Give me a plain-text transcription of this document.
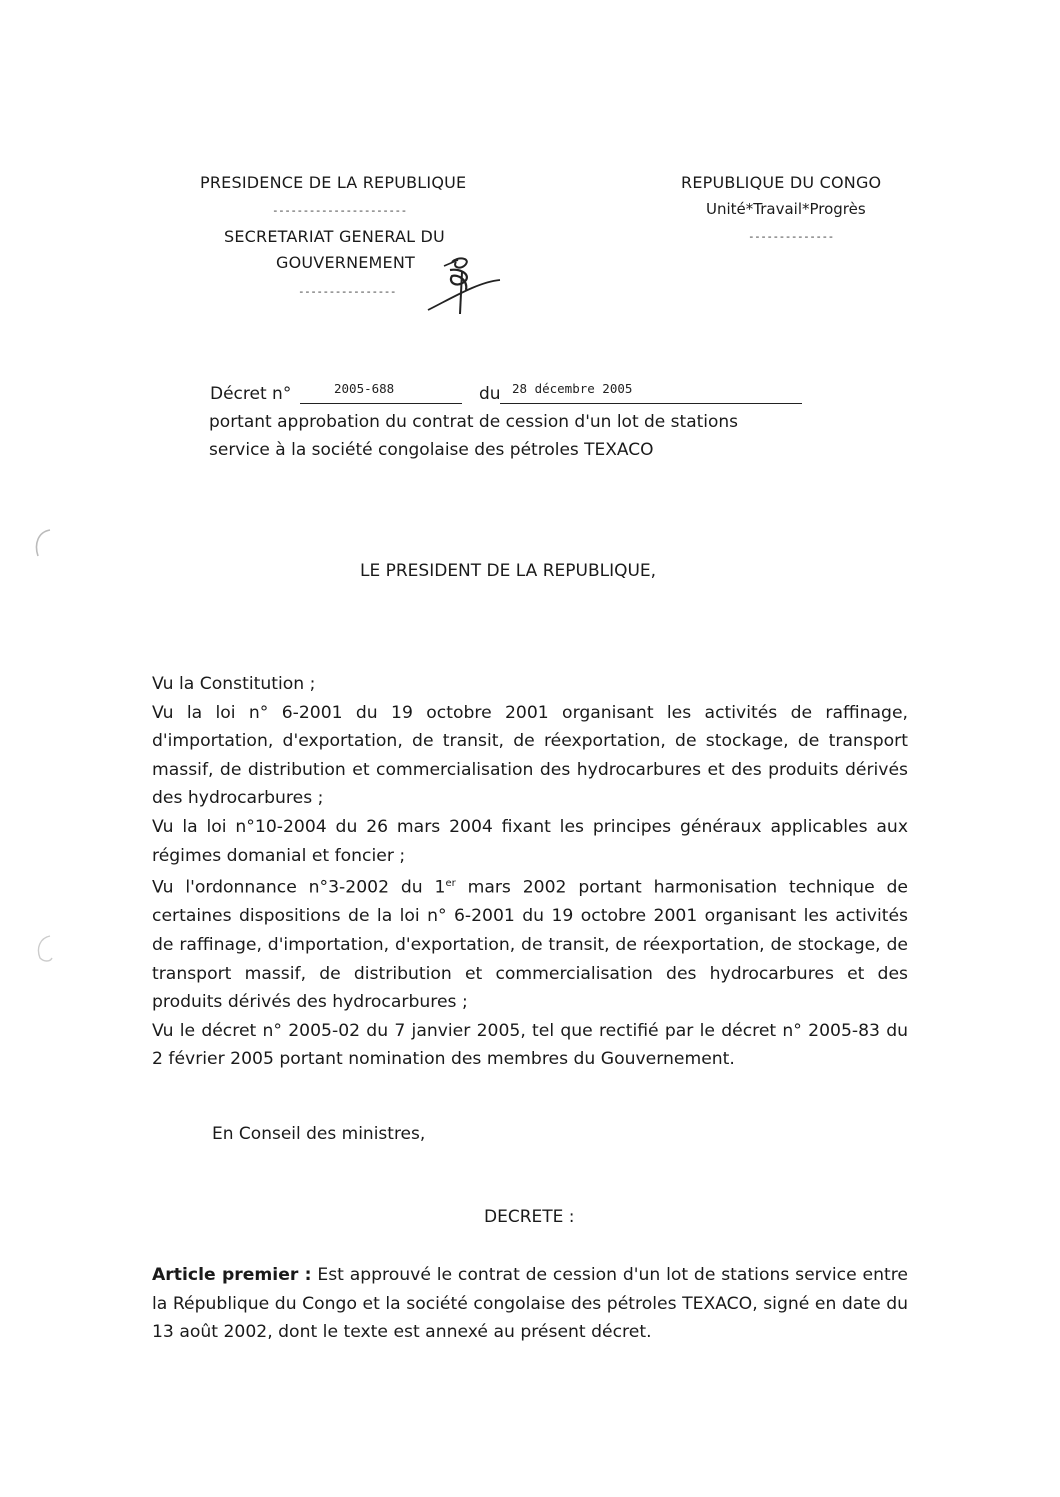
PRESIDENCE DE LA REPUBLIQUE
----------------------
SECRETARIAT GENERAL DU
GOUVERNEMENT
----------------
REPUBLIQUE DU CONGO
Unité*Travail*Progrès
--------------
Décret n°	2005-688	du 28 décembre 2005
portant approbation du contrat de cession d'un lot de stations
service à la société congolaise des pétroles TEXACO
LE PRESIDENT DE LA REPUBLIQUE,

Vu la Constitution ;

Vu la loi n° 6-2001 du 19 octobre 2001 organisant les activités de raffinage, d'importation, d'exportation, de transit, de réexportation, de stockage, de transport massif, de distribution et commercialisation des hydrocarbures et des produits dérivés des hydrocarbures ;

Vu la loi n°10-2004 du 26 mars 2004 fixant les principes généraux applicables aux régimes domanial et foncier ;

Vu l'ordonnance n°3-2002 du 1er mars 2002 portant harmonisation technique de certaines dispositions de la loi n° 6-2001 du 19 octobre 2001 organisant les activités de raffinage, d'importation, d'exportation, de transit, de réexportation, de stockage, de transport massif, de distribution et commercialisation des hydrocarbures et des produits dérivés des hydrocarbures ;

Vu le décret n° 2005-02 du 7 janvier 2005, tel que rectifié par le décret n° 2005-83 du 2 février 2005 portant nomination des membres du Gouvernement.

En Conseil des ministres,
DECRETE :

Article premier : Est approuvé le contrat de cession d'un lot de stations service entre la République du Congo et la société congolaise des pétroles TEXACO, signé en date du 13 août 2002, dont le texte est annexé au présent décret.
